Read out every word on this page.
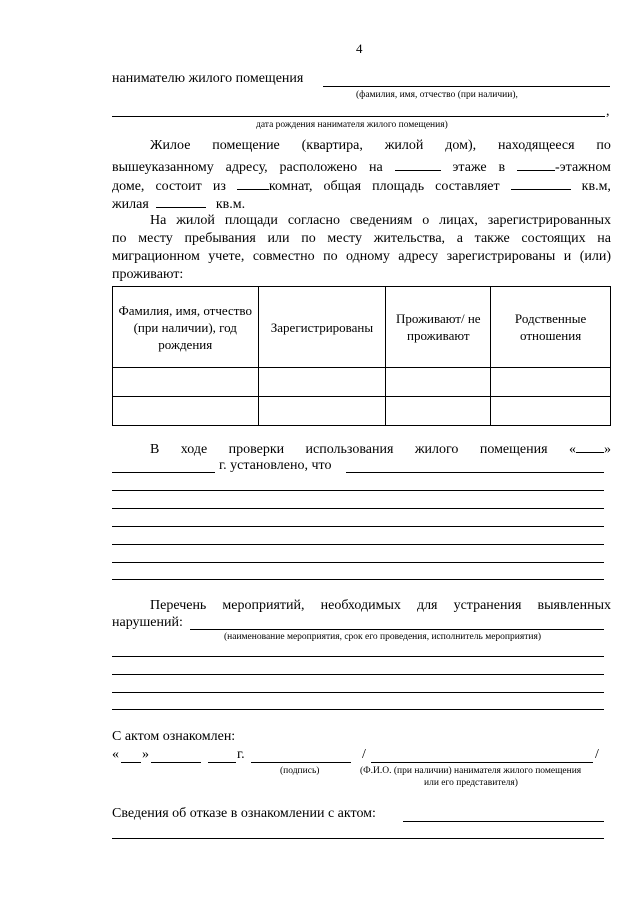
4
нанимателю жилого помещения
(фамилия, имя, отчество (при наличии),
,
дата рождения нанимателя жилого помещения)
Жилое помещение (квартира, жилой дом), находящееся по
вышеуказанному адресу, расположено на	этаже в	-этажном
доме, состоит из	комнат, общая площадь составляет	кв.м,
жилая	кв.м.
На жилой площади согласно сведениям о лицах, зарегистрированных
по месту пребывания или по месту жительства, а также состоящих на
миграционном учете, совместно по одному адресу зарегистрированы и (или)
проживают:
Фамилия, имя, отчество (при наличии), год рождения	Зарегистрированы	Проживают/ не проживают	Родственные отношения

В ходе проверки использования жилого помещения « »
г. установлено, что
Перечень мероприятий, необходимых для устранения выявленных
нарушений:
(наименование мероприятия, срок его проведения, исполнитель мероприятия)
С актом ознакомлен:
« »	г.	/	/
(подпись)	(Ф.И.О. (при наличии) нанимателя жилого помещения
или его представителя)
Сведения об отказе в ознакомлении с актом:
